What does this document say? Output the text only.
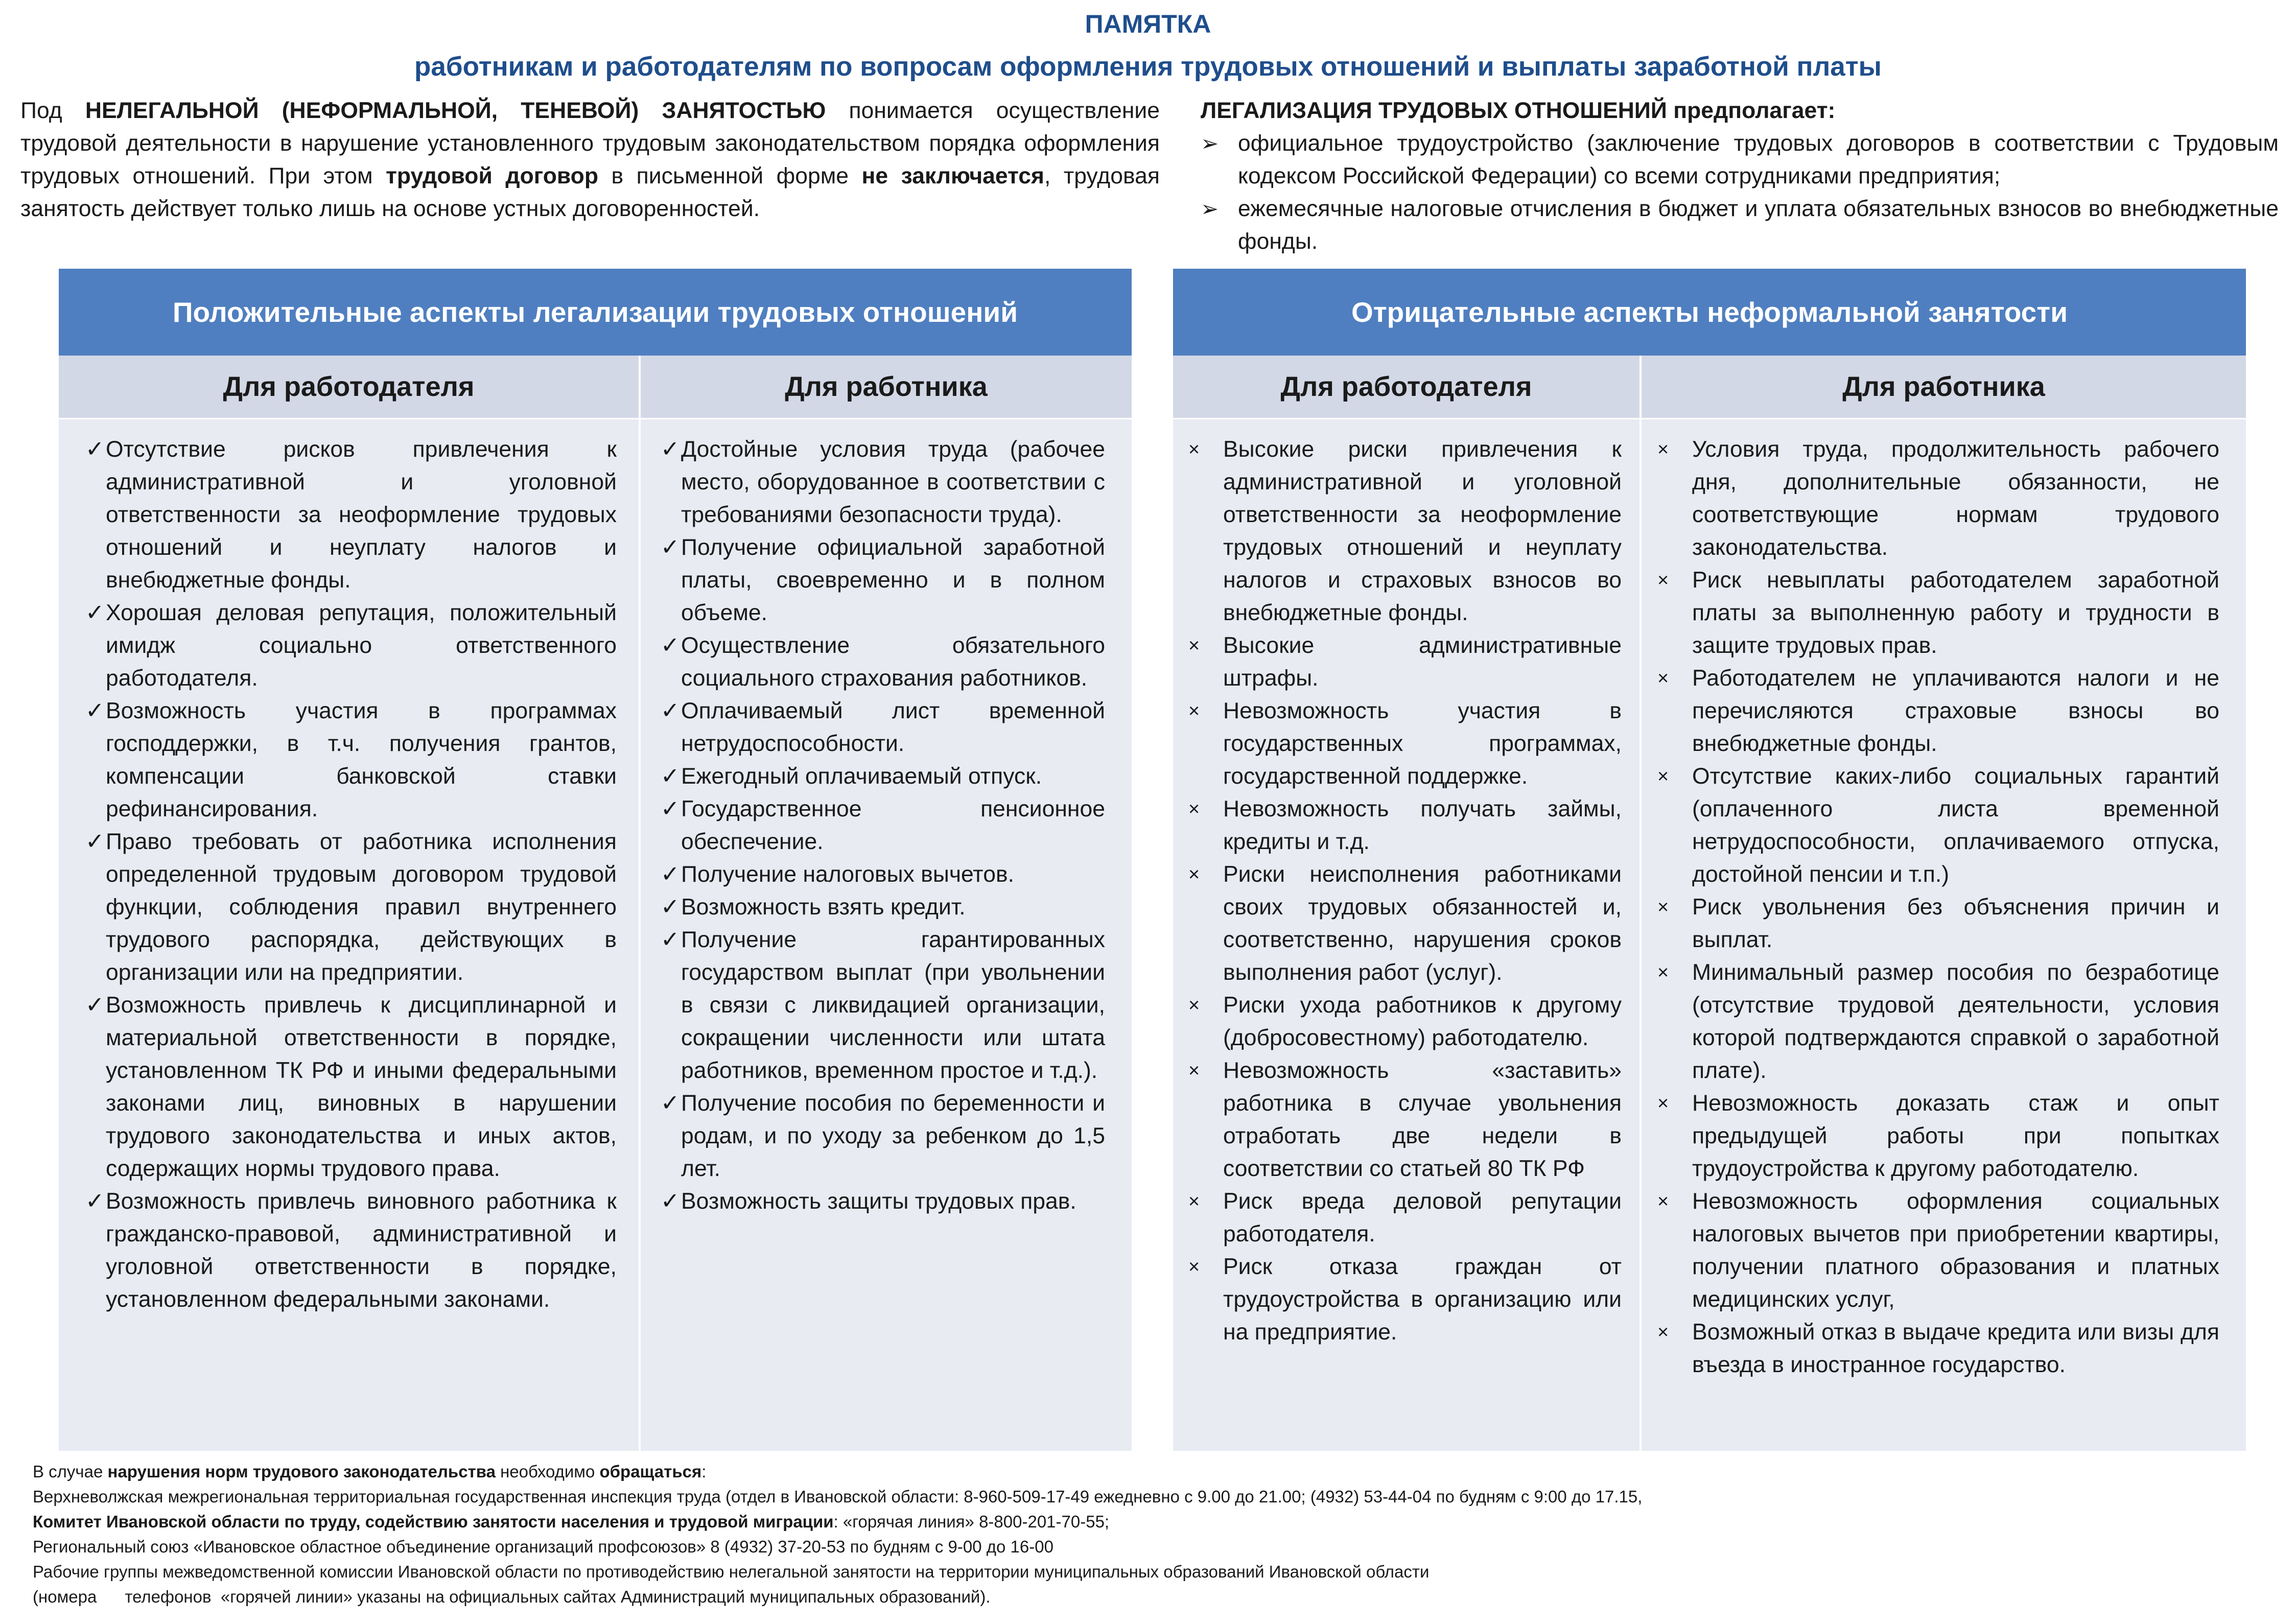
ПАМЯТКА
работникам и работодателям по вопросам оформления трудовых отношений и выплаты заработной платы
Под НЕЛЕГАЛЬНОЙ (НЕФОРМАЛЬНОЙ, ТЕНЕВОЙ) ЗАНЯТОСТЬЮ понимается осуществление трудовой деятельности в нарушение установленного трудовым законодательством порядка оформления трудовых отношений. При этом трудовой договор в письменной форме не заключается, трудовая занятость действует только лишь на основе устных договоренностей.
ЛЕГАЛИЗАЦИЯ ТРУДОВЫХ ОТНОШЕНИЙ предполагает:
➢ официальное трудоустройство (заключение трудовых договоров в соответствии с Трудовым кодексом Российской Федерации) со всеми сотрудниками предприятия;
➢ ежемесячные налоговые отчисления в бюджет и уплата обязательных взносов во внебюджетные фонды.
Положительные аспекты легализации трудовых отношений
Для работодателя	Для работника
✓ Отсутствие рисков привлечения к административной и уголовной ответственности за неоформление трудовых отношений и неуплату налогов и внебюджетные фонды.
✓ Хорошая деловая репутация, положительный имидж социально ответственного работодателя.
✓ Возможность участия в программах господдержки, в т.ч. получения грантов, компенсации банковской ставки рефинансирования.
✓ Право требовать от работника исполнения определенной трудовым договором трудовой функции, соблюдения правил внутреннего трудового распорядка, действующих в организации или на предприятии.
✓ Возможность привлечь к дисциплинарной и материальной ответственности в порядке, установленном ТК РФ и иными федеральными законами лиц, виновных в нарушении трудового законодательства и иных актов, содержащих нормы трудового права.
✓ Возможность привлечь виновного работника к гражданско-правовой, административной и уголовной ответственности в порядке, установленном федеральными законами.
✓ Достойные условия труда (рабочее место, оборудованное в соответствии с требованиями безопасности труда).
✓ Получение официальной заработной платы, своевременно и в полном объеме.
✓ Осуществление обязательного социального страхования работников.
✓ Оплачиваемый лист временной нетрудоспособности.
✓ Ежегодный оплачиваемый отпуск.
✓ Государственное пенсионное обеспечение.
✓ Получение налоговых вычетов.
✓ Возможность взять кредит.
✓ Получение гарантированных государством выплат (при увольнении в связи с ликвидацией организации, сокращении численности или штата работников, временном простое и т.д.).
✓ Получение пособия по беременности и родам, и по уходу за ребенком до 1,5 лет.
✓ Возможность защиты трудовых прав.
Отрицательные аспекты неформальной занятости
Для работодателя	Для работника
× Высокие риски привлечения к административной и уголовной ответственности за неоформление трудовых отношений и неуплату налогов и страховых взносов во внебюджетные фонды.
× Высокие административные штрафы.
× Невозможность участия в государственных программах, государственной поддержке.
× Невозможность получать займы, кредиты и т.д.
× Риски неисполнения работниками своих трудовых обязанностей и, соответственно, нарушения сроков выполнения работ (услуг).
× Риски ухода работников к другому (добросовестному) работодателю.
× Невозможность «заставить» работника в случае увольнения отработать две недели в соответствии со статьей 80 ТК РФ
× Риск вреда деловой репутации работодателя.
× Риск отказа граждан от трудоустройства в организацию или на предприятие.
× Условия труда, продолжительность рабочего дня, дополнительные обязанности, не соответствующие нормам трудового законодательства.
× Риск невыплаты работодателем заработной платы за выполненную работу и трудности в защите трудовых прав.
× Работодателем не уплачиваются налоги и не перечисляются страховые взносы во внебюджетные фонды.
× Отсутствие каких-либо социальных гарантий (оплаченного листа временной нетрудоспособности, оплачиваемого отпуска, достойной пенсии и т.п.)
× Риск увольнения без объяснения причин и выплат.
× Минимальный размер пособия по безработице (отсутствие трудовой деятельности, условия которой подтверждаются справкой о заработной плате).
× Невозможность доказать стаж и опыт предыдущей работы при попытках трудоустройства к другому работодателю.
× Невозможность оформления социальных налоговых вычетов при приобретении квартиры, получении платного образования и платных медицинских услуг,
× Возможный отказ в выдаче кредита или визы для въезда в иностранное государство.
В случае нарушения норм трудового законодательства необходимо обращаться:
Верхневолжская межрегиональная территориальная государственная инспекция труда (отдел в Ивановской области: 8-960-509-17-49 ежедневно с 9.00 до 21.00; (4932) 53-44-04 по будням с 9:00 до 17.15,
Комитет Ивановской области по труду, содействию занятости населения и трудовой миграции: «горячая линия» 8-800-201-70-55;
Региональный союз «Ивановское областное объединение организаций профсоюзов» 8 (4932) 37-20-53 по будням с 9-00 до 16-00
Рабочие группы межведомственной комиссии Ивановской области по противодействию нелегальной занятости на территории муниципальных образований Ивановской области
(номера      телефонов  «горячей линии» указаны на официальных сайтах Администраций муниципальных образований).
